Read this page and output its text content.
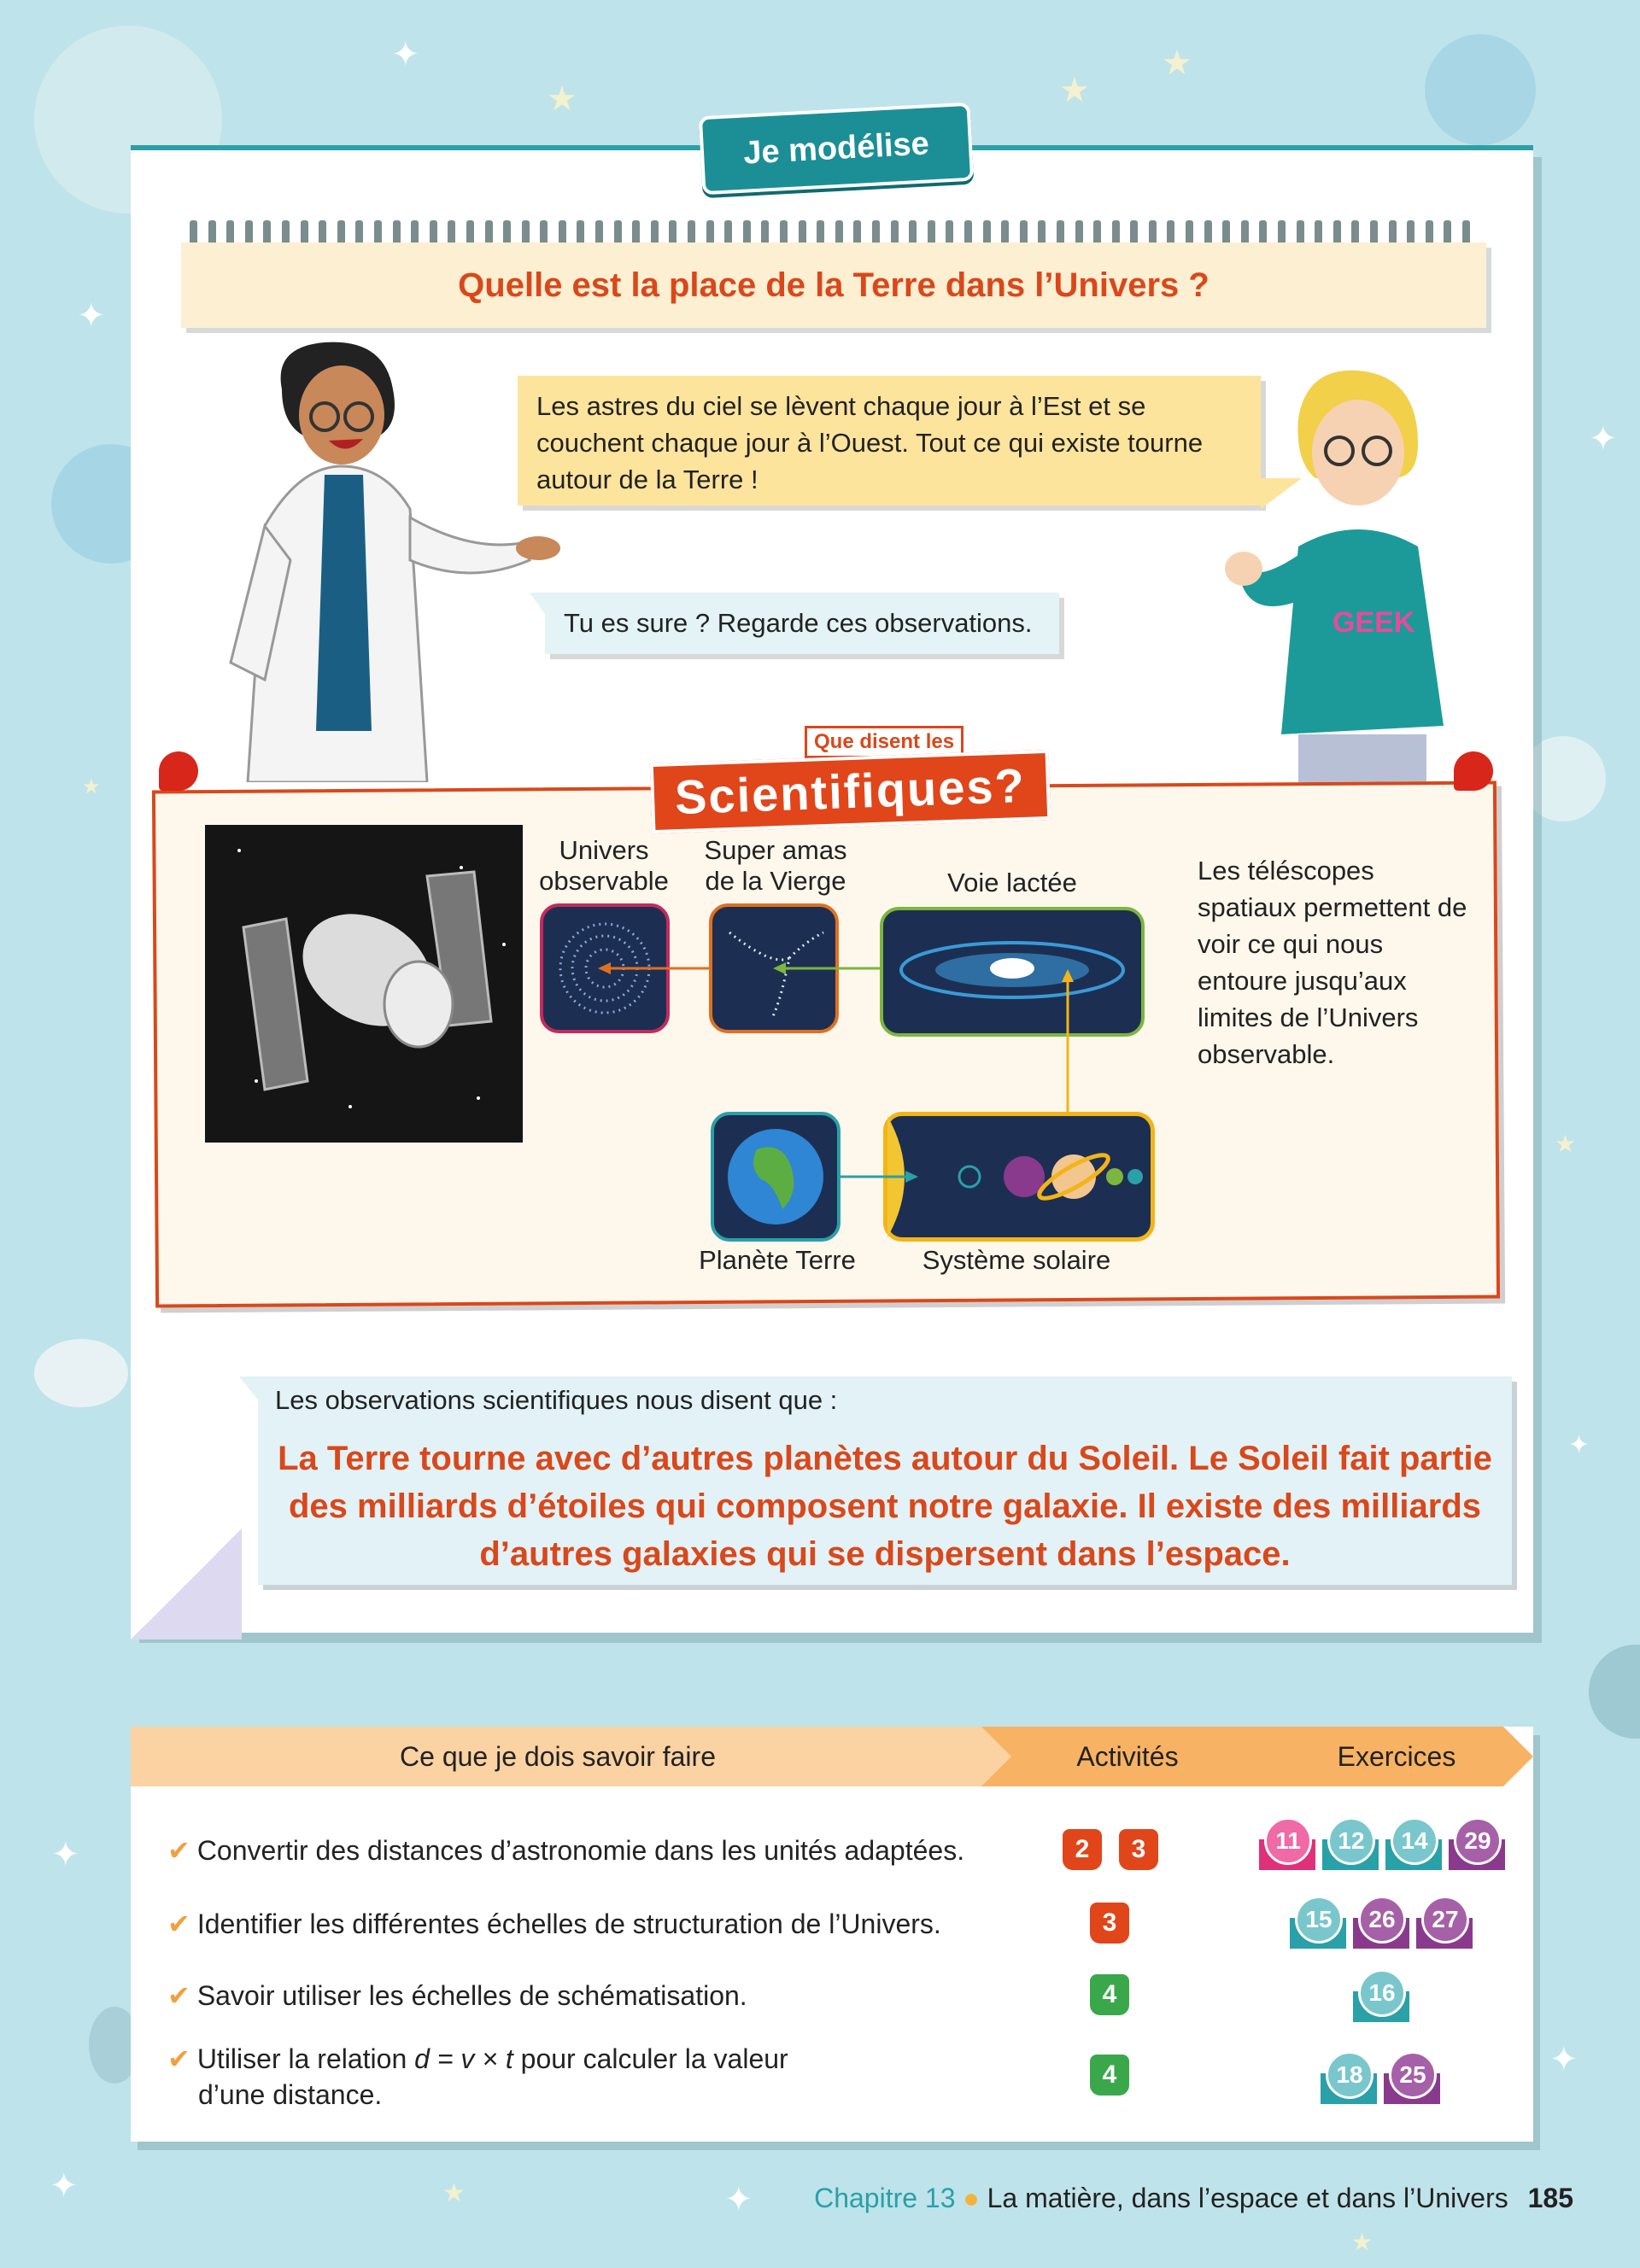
★	★
★
★
★
★
★
✦
✦
✦
✦
✦
✦
✦	✦
Je modélise
Quelle est la place de la Terre dans l’Univers ?
GEEK
Les astres du ciel se lèvent chaque jour à l’Est et se couchent chaque jour à l’Ouest. Tout ce qui existe tourne autour de la Terre !
Tu es sure ? Regarde ces observations.
Que disent les
Scientifiques?
Univers observable
Super amas de la Vierge	Voie lactée
Planète Terre	Système solaire
Les téléscopes spatiaux permettent de voir ce qui nous entoure jusqu’aux limites de l’Univers observable.
Les observations scientifiques nous disent que :
La Terre tourne avec d’autres planètes autour du Soleil. Le Soleil fait partie des milliards d’étoiles qui composent notre galaxie. Il existe des milliards d’autres galaxies qui se dispersent dans l’espace.
Ce que je dois savoir faire	Activités	Exercices
✔ Convertir des distances d’astronomie dans les unités adaptées.	2	3	11	12	14	29
✔ Identifier les différentes échelles de structuration de l’Univers.	3	15	26	27
✔ Savoir utiliser les échelles de schématisation.	4	16
✔ Utiliser la relation d = v × t pour calculer la valeur
d’une distance.
4	18	25
Chapitre 13 ● La matière, dans l’espace et dans l’Univers 185
